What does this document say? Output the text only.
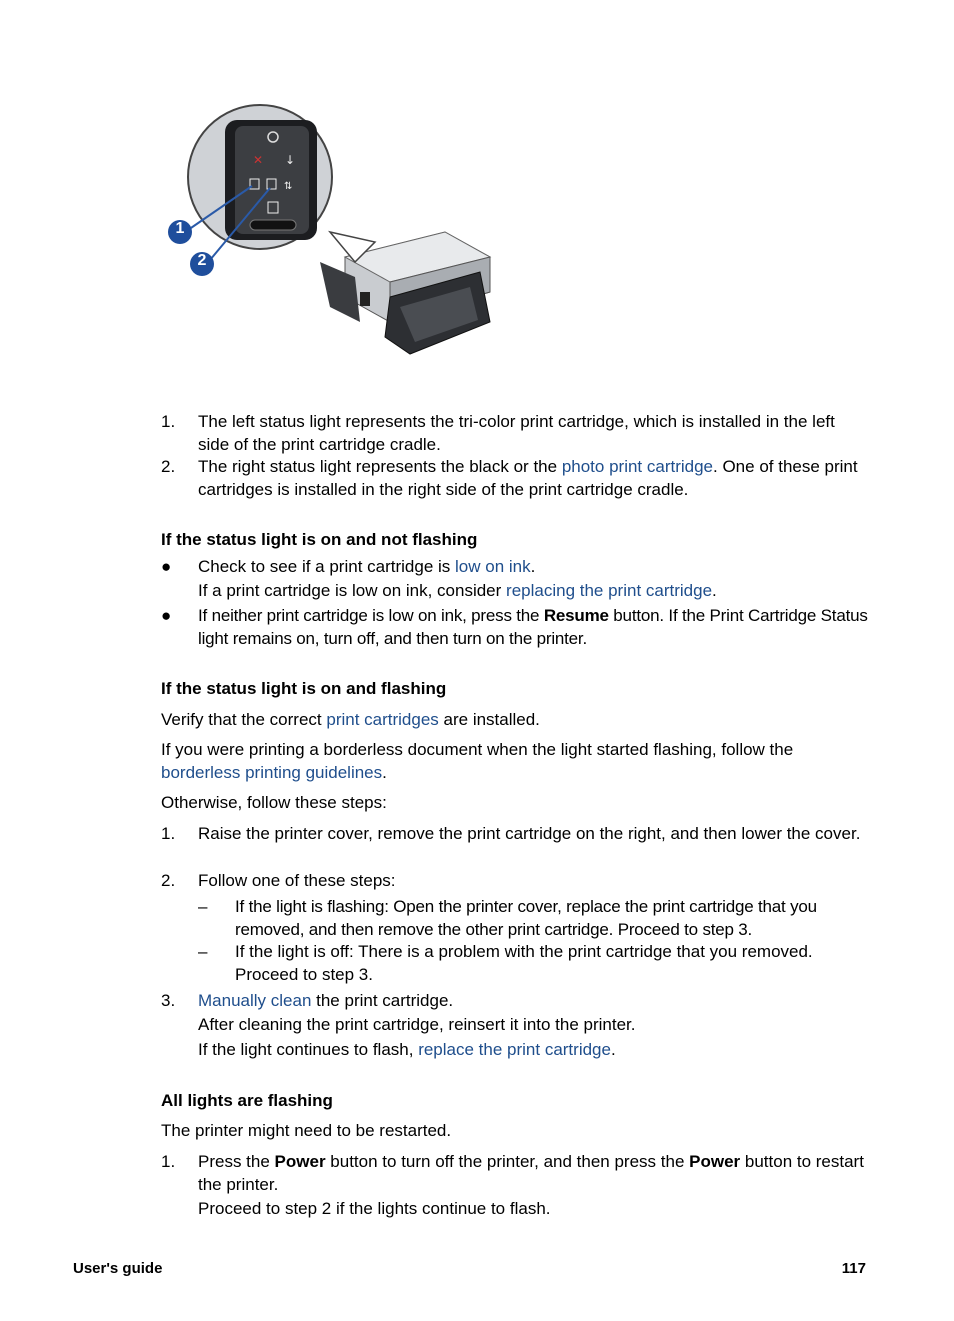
✕ ↓
⇅
1
2
1.	The left status light represents the tri-color print cartridge, which is installed in the left side of the print cartridge cradle.
2.	The right status light represents the black or the photo print cartridge. One of these print cartridges is installed in the right side of the print cartridge cradle.
If the status light is on and not flashing
●	Check to see if a print cartridge is low on ink.
If a print cartridge is low on ink, consider replacing the print cartridge.
●	If neither print cartridge is low on ink, press the Resume button. If the Print Cartridge Status light remains on, turn off, and then turn on the printer.
If the status light is on and flashing
Verify that the correct print cartridges are installed.
If you were printing a borderless document when the light started flashing, follow the borderless printing guidelines.
Otherwise, follow these steps:
1.	Raise the printer cover, remove the print cartridge on the right, and then lower the cover.
2.	Follow one of these steps:
–	If the light is flashing: Open the printer cover, replace the print cartridge that you removed, and then remove the other print cartridge. Proceed to step 3.
–	If the light is off: There is a problem with the print cartridge that you removed. Proceed to step 3.
3.	Manually clean the print cartridge.
After cleaning the print cartridge, reinsert it into the printer.
If the light continues to flash, replace the print cartridge.
All lights are flashing
The printer might need to be restarted.
1.	Press the Power button to turn off the printer, and then press the Power button to restart the printer.
Proceed to step 2 if the lights continue to flash.
User's guide	117
